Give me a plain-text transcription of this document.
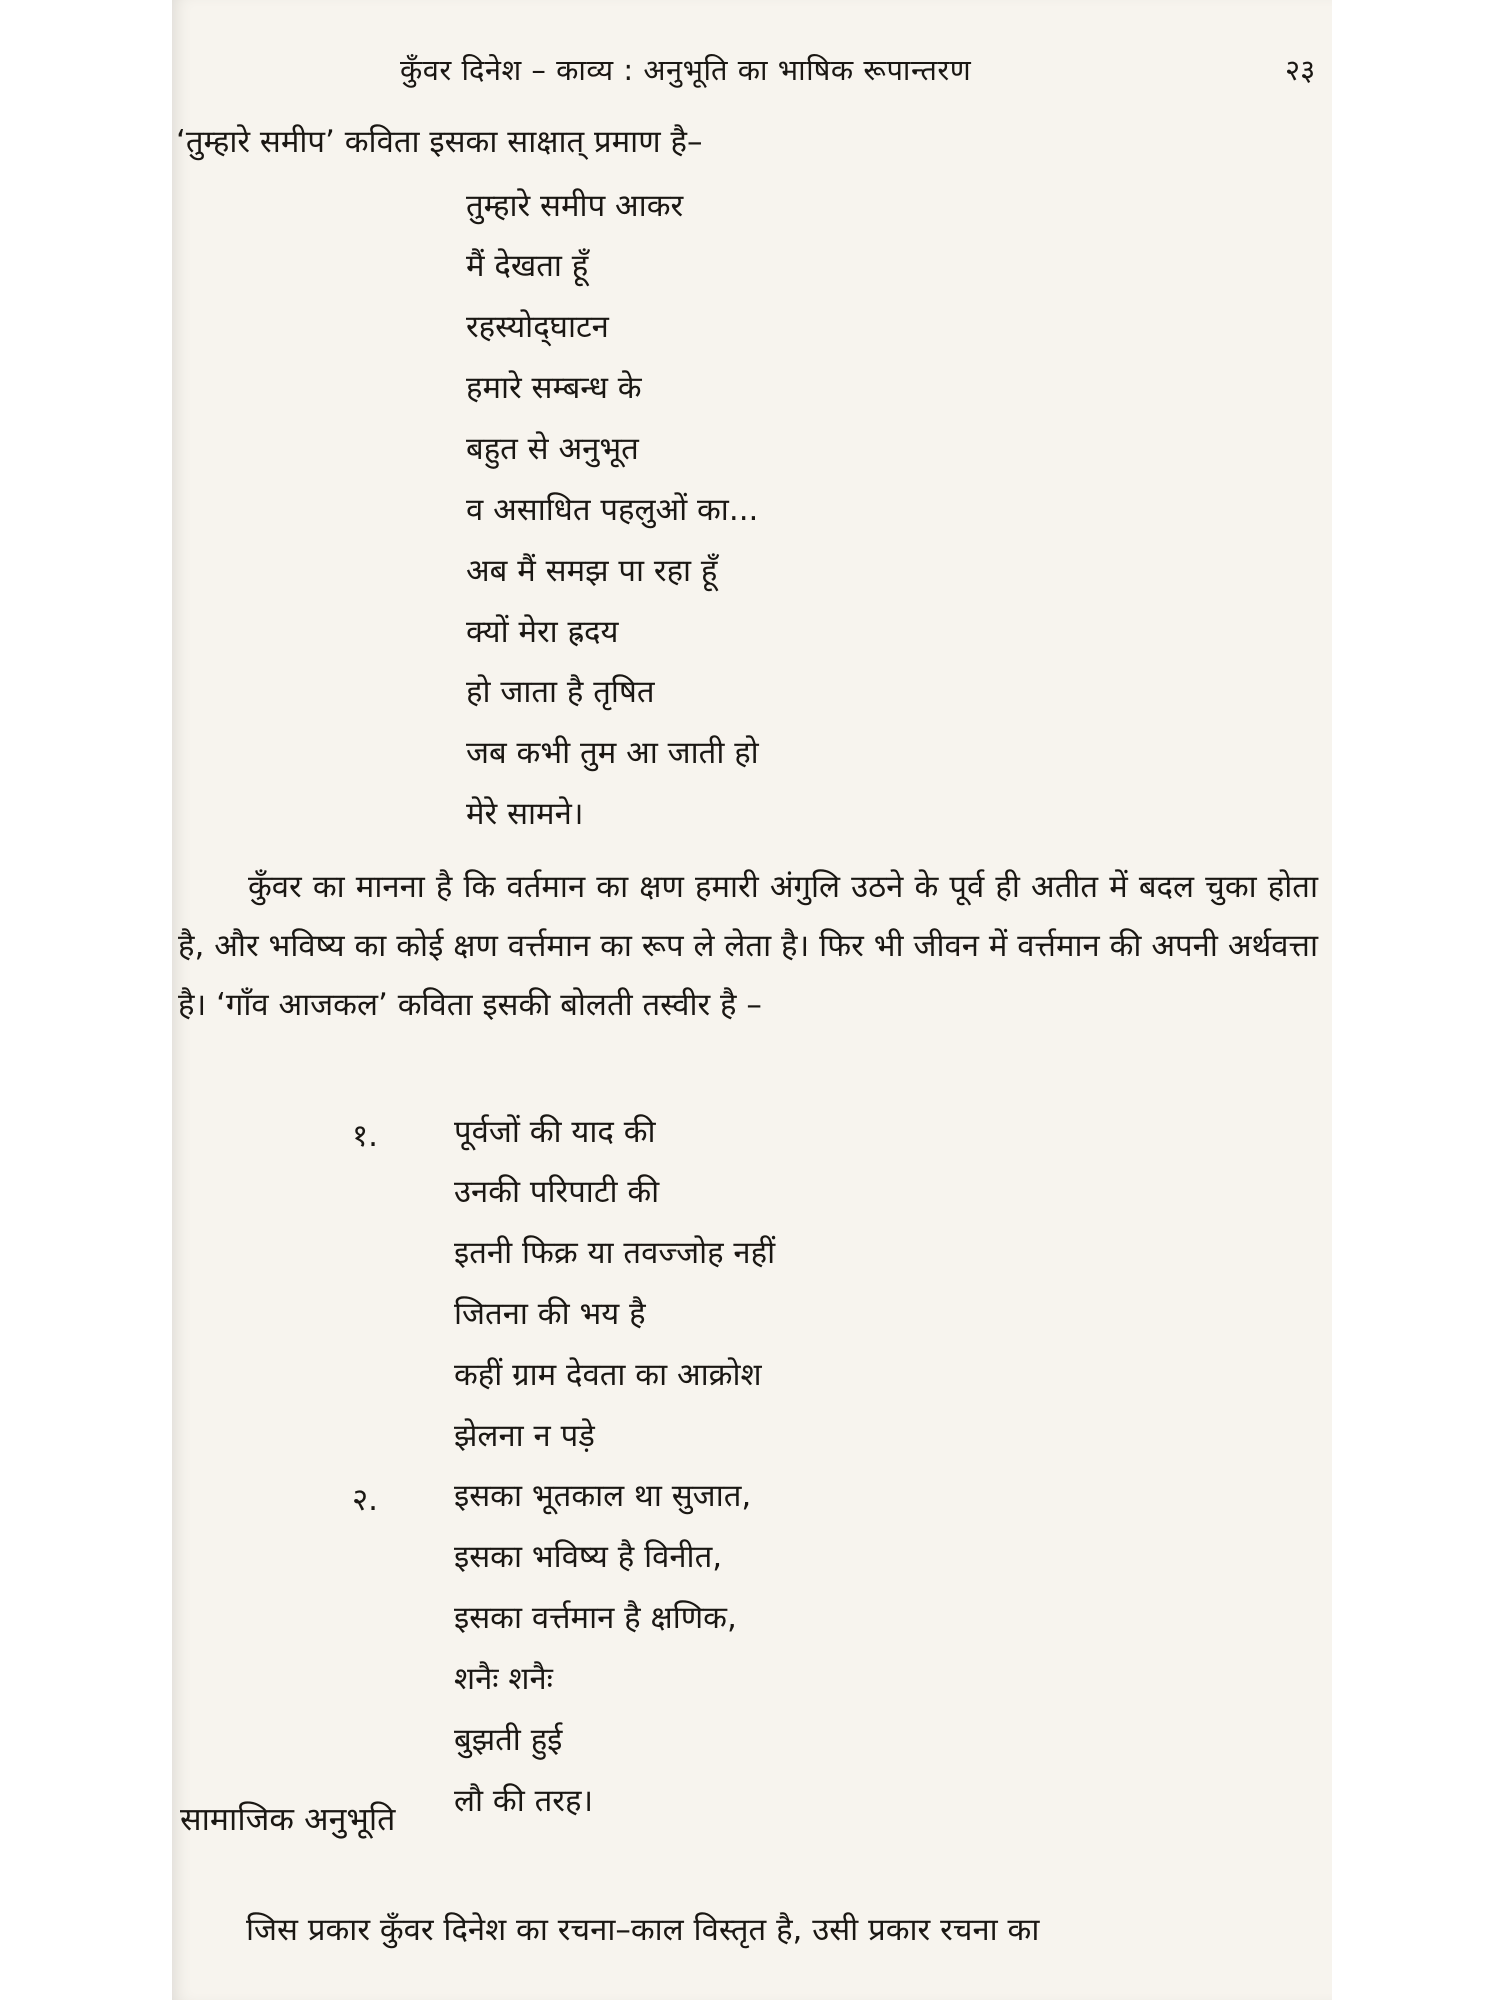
कुँवर दिनेश – काव्य : अनुभूति का भाषिक रूपान्तरण	२३
‘तुम्हारे समीप’ कविता इसका साक्षात् प्रमाण है–
तुम्हारे समीप आकर
मैं देखता हूँ
रहस्योद्‌घाटन
हमारे सम्बन्ध के
बहुत से अनुभूत
व असाधित पहलुओं का...
अब मैं समझ पा रहा हूँ
क्यों मेरा ह्रदय
हो जाता है तृषित
जब कभी तुम आ जाती हो
मेरे सामने।
कुँवर का मानना है कि वर्तमान का क्षण हमारी अंगुलि उठने के पूर्व ही अतीत में बदल चुका होता है, और भविष्य का कोई क्षण वर्त्तमान का रूप ले लेता है। फिर भी जीवन में वर्त्तमान की अपनी अर्थवत्ता है। ‘गाँव आजकल’ कविता इसकी बोलती तस्वीर है –
१. पूर्वजों की याद की
उनकी परिपाटी की
इतनी फिक्र या तवज्जोह नहीं
जितना की भय है
कहीं ग्राम देवता का आक्रोश
झेलना न पड़े
२. इसका भूतकाल था सुजात,
इसका भविष्य है विनीत,
इसका वर्त्तमान है क्षणिक,
शनैः शनैः
बुझती हुई
लौ की तरह।
सामाजिक अनुभूति
जिस प्रकार कुँवर दिनेश का रचना–काल विस्तृत है, उसी प्रकार रचना का
